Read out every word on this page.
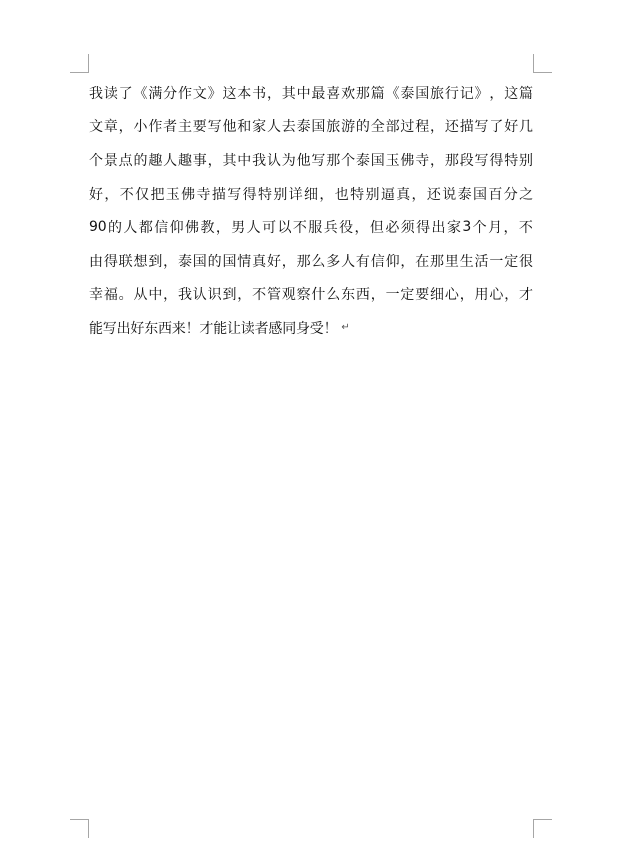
我 读 了 《 满 分 作 文 》 这 本 书 ， 其 中 最 喜 欢 那 篇 《 泰 国 旅 行 记 》 ， 这 篇
文 章 ， 小 作 者 主 要 写 他 和 家 人 去 泰 国 旅 游 的 全 部 过 程 ， 还 描 写 了 好 几
个 景 点 的 趣 人 趣 事 ， 其 中 我 认 为 他 写 那 个 泰 国 玉 佛 寺 ， 那 段 写 得 特 别
好 ， 不 仅 把 玉 佛 寺 描 写 得 特 别 详 细 ， 也 特 别 逼 真 ， 还 说 泰 国 百 分 之
90 的 人 都 信 仰 佛 教 ， 男 人 可 以 不 服 兵 役 ， 但 必 须 得 出 家 3 个 月 ， 不
由 得 联 想 到 ， 泰 国 的 国 情 真 好 ， 那 么 多 人 有 信 仰 ， 在 那 里 生 活 一 定 很
幸 福 。 从 中 ， 我 认 识 到 ， 不 管 观 察 什 么 东 西 ， 一 定 要 细 心 ， 用 心 ， 才
能写出好东西来！才能让读者感同身受！ ↵
